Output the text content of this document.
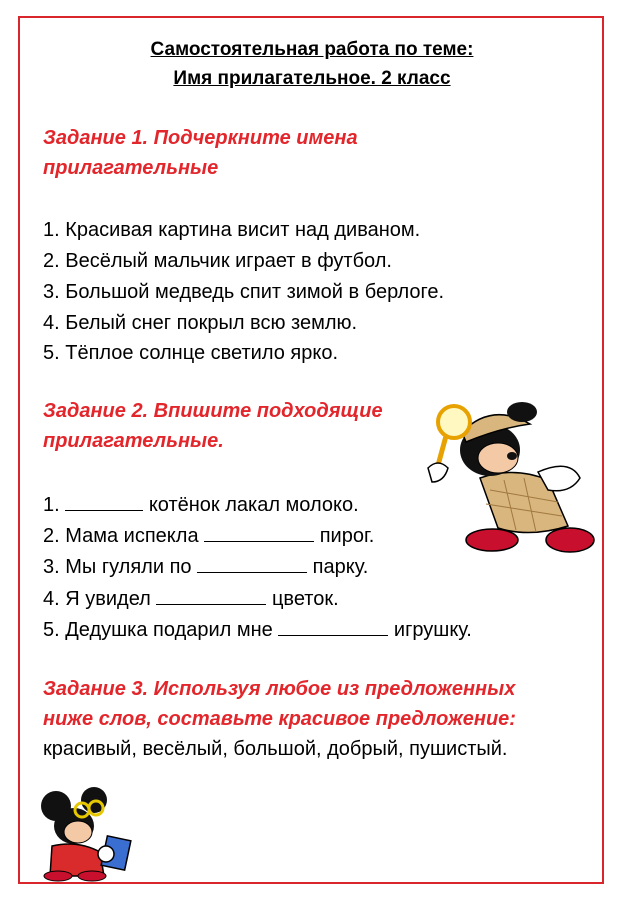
Самостоятельная работа по теме:
Имя прилагательное. 2 класс
Задание 1. Подчеркните имена
прилагательные
1. Красивая картина висит над диваном.
2. Весёлый мальчик играет в футбол.
3. Большой медведь спит зимой в берлоге.
4. Белый снег покрыл всю землю.
5. Тёплое солнце светило ярко.
Задание 2. Впишите подходящие
прилагательные.
1.	котёнок лакал молоко.
2. Мама испекла	пирог.
3. Мы гуляли по	парку.
4. Я увидел	цветок.
5. Дедушка подарил мне	игрушку.
Задание 3. Используя любое из предложенных
ниже слов, составьте красивое предложение:
красивый, весёлый, большой, добрый, пушистый.
